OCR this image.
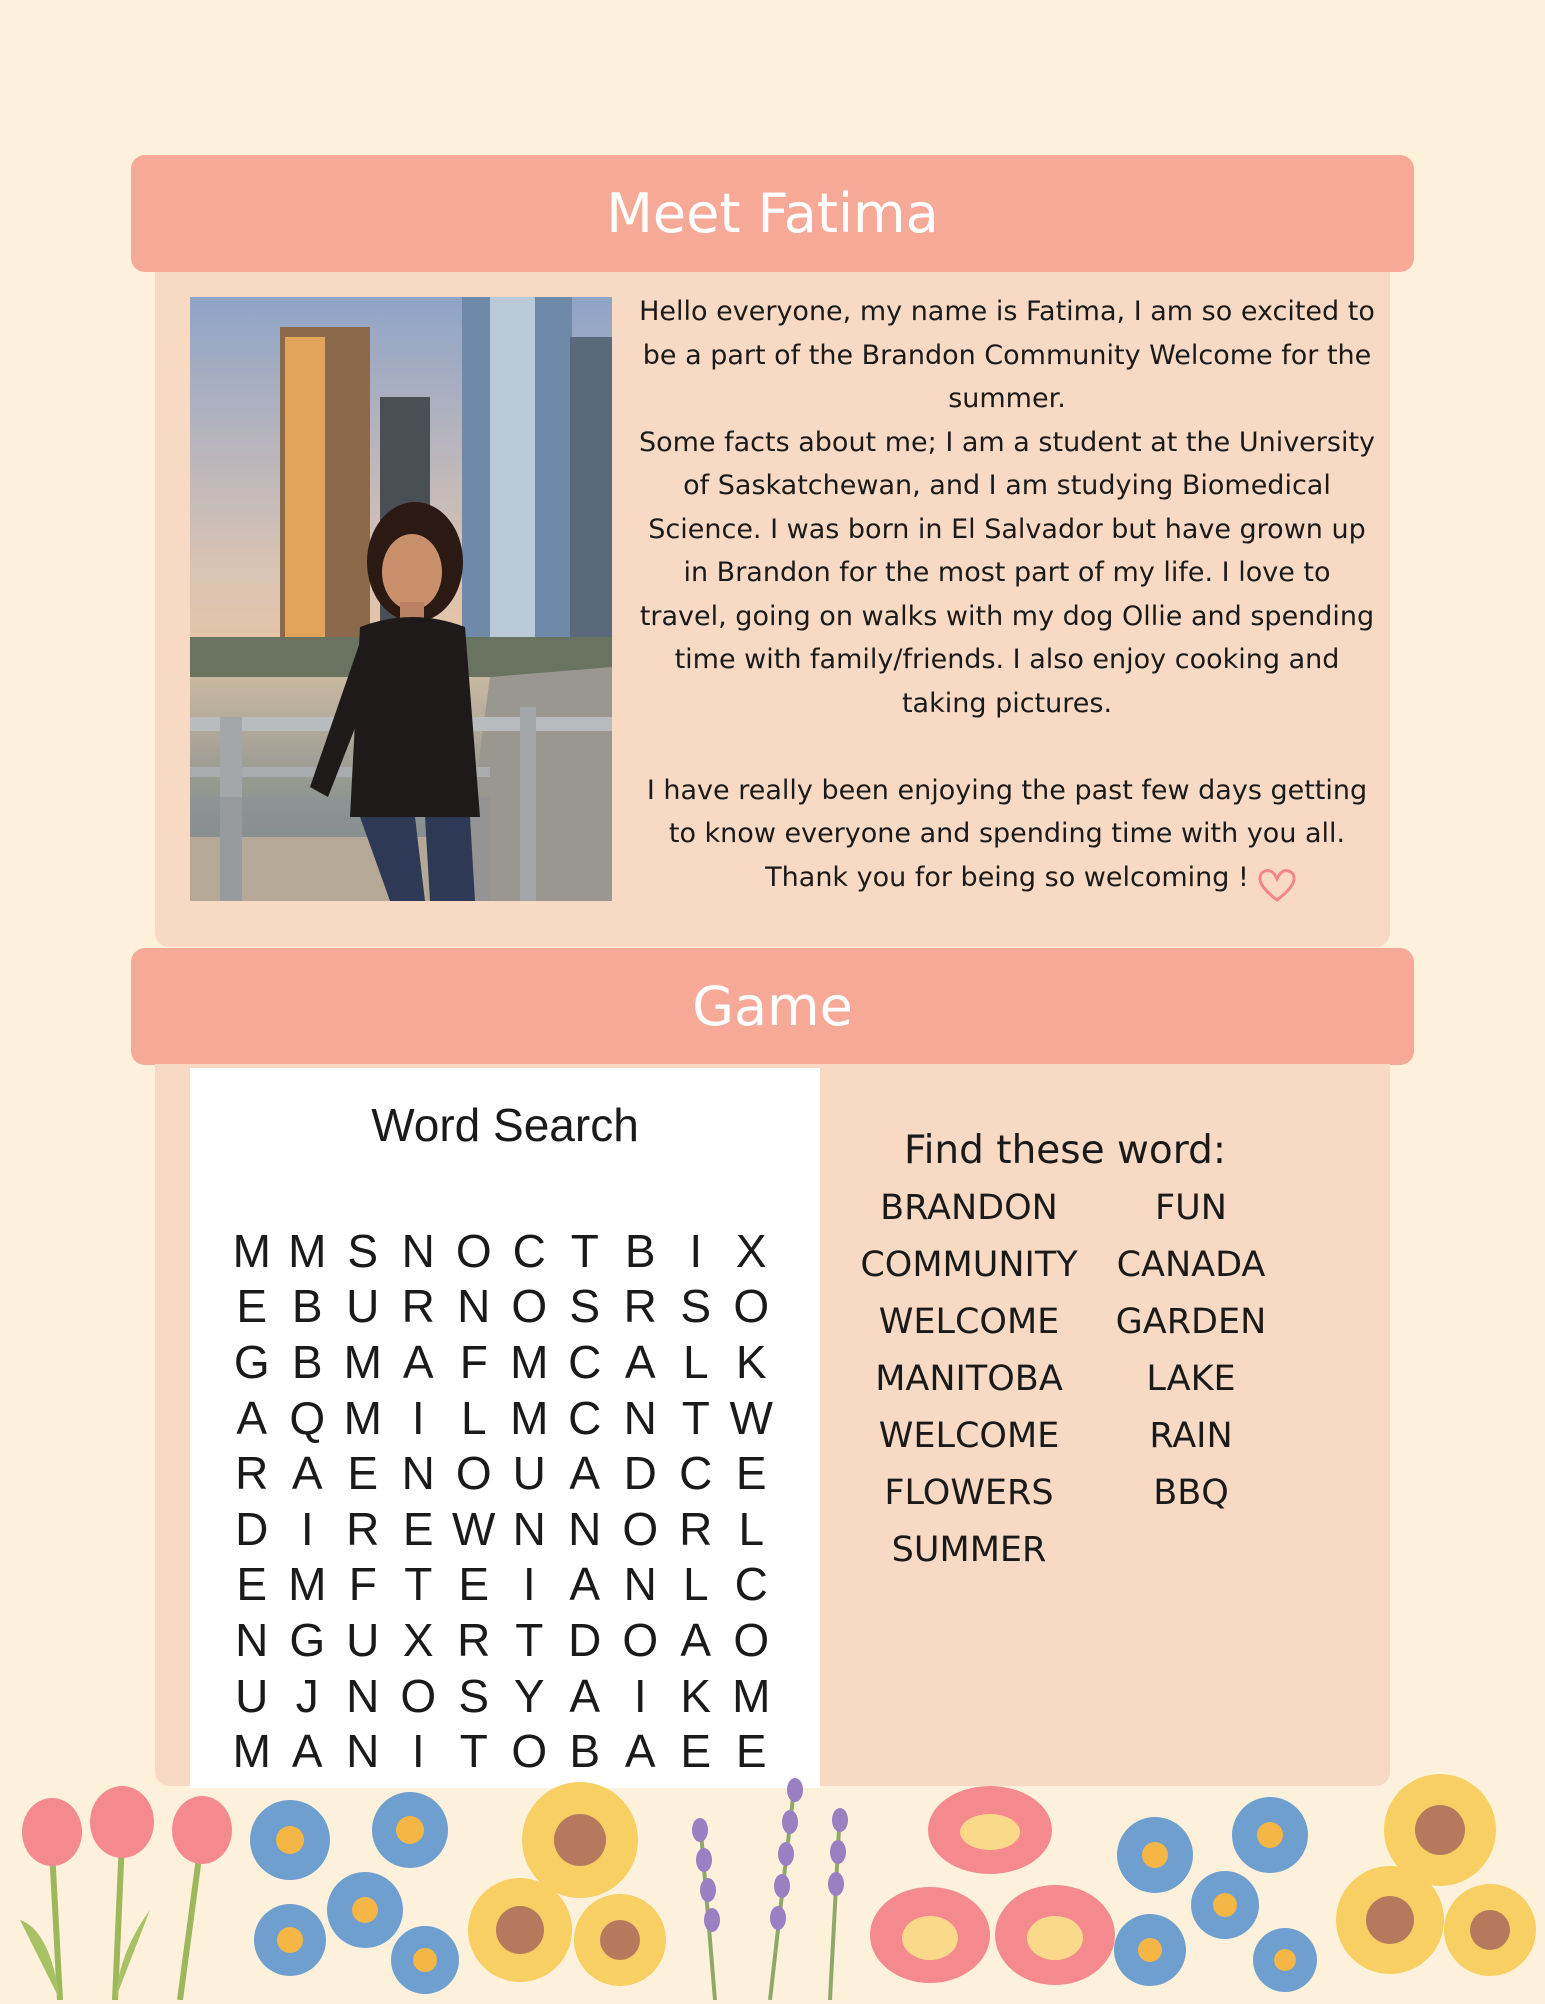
Meet Fatima

Hello everyone, my name is Fatima, I am so excited to be a part of the Brandon Community Welcome for the summer.

Some facts about me; I am a student at the University of Saskatchewan, and I am studying Biomedical Science. I was born in El Salvador but have grown up in Brandon for the most part of my life. I love to travel, going on walks with my dog Ollie and spending time with family/friends. I also enjoy cooking and taking pictures.

I have really been enjoying the past few days getting to know everyone and spending time with you all. Thank you for being so welcoming !

Game
Word Search
M M S N O C T B I X
E B U R N O S R S O
G B M A F M C A L K
A Q M I L M C N T W
R A E N O U A D C E
D I R E W N N O R L
E M F T E I A N L C
N G U X R T D O A O
U J N O S Y A I K M
M A N I T O B A E E
Find these word:
BRANDON
COMMUNITY
WELCOME
MANITOBA
WELCOME
FLOWERS
SUMMER
FUN
CANADA
GARDEN
LAKE
RAIN
BBQ
